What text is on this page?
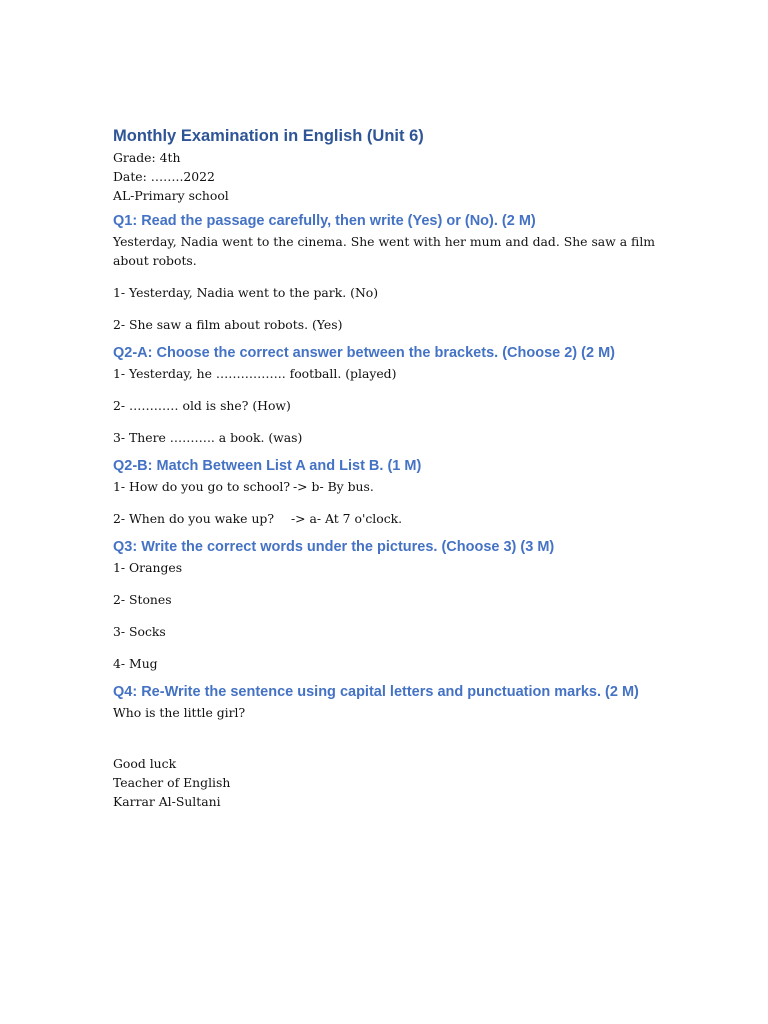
Monthly Examination in English (Unit 6)

Grade: 4th

Date: ……..2022

AL-Primary school

Q1: Read the passage carefully, then write (Yes) or (No). (2 M)

Yesterday, Nadia went to the cinema. She went with her mum and dad. She saw a film about robots.

1- Yesterday, Nadia went to the park. (No)

2- She saw a film about robots. (Yes)

Q2-A: Choose the correct answer between the brackets. (Choose 2) (2 M)

1- Yesterday, he …………….. football. (played)

2- ………… old is she? (How)

3- There ……….. a book. (was)

Q2-B: Match Between List A and List B. (1 M)

1- How do you go to school? -> b- By bus.

2- When do you wake up? -> a- At 7 o'clock.

Q3: Write the correct words under the pictures. (Choose 3) (3 M)

1- Oranges

2- Stones

3- Socks

4- Mug

Q4: Re-Write the sentence using capital letters and punctuation marks. (2 M)

Who is the little girl?

Good luck

Teacher of English

Karrar Al-Sultani
